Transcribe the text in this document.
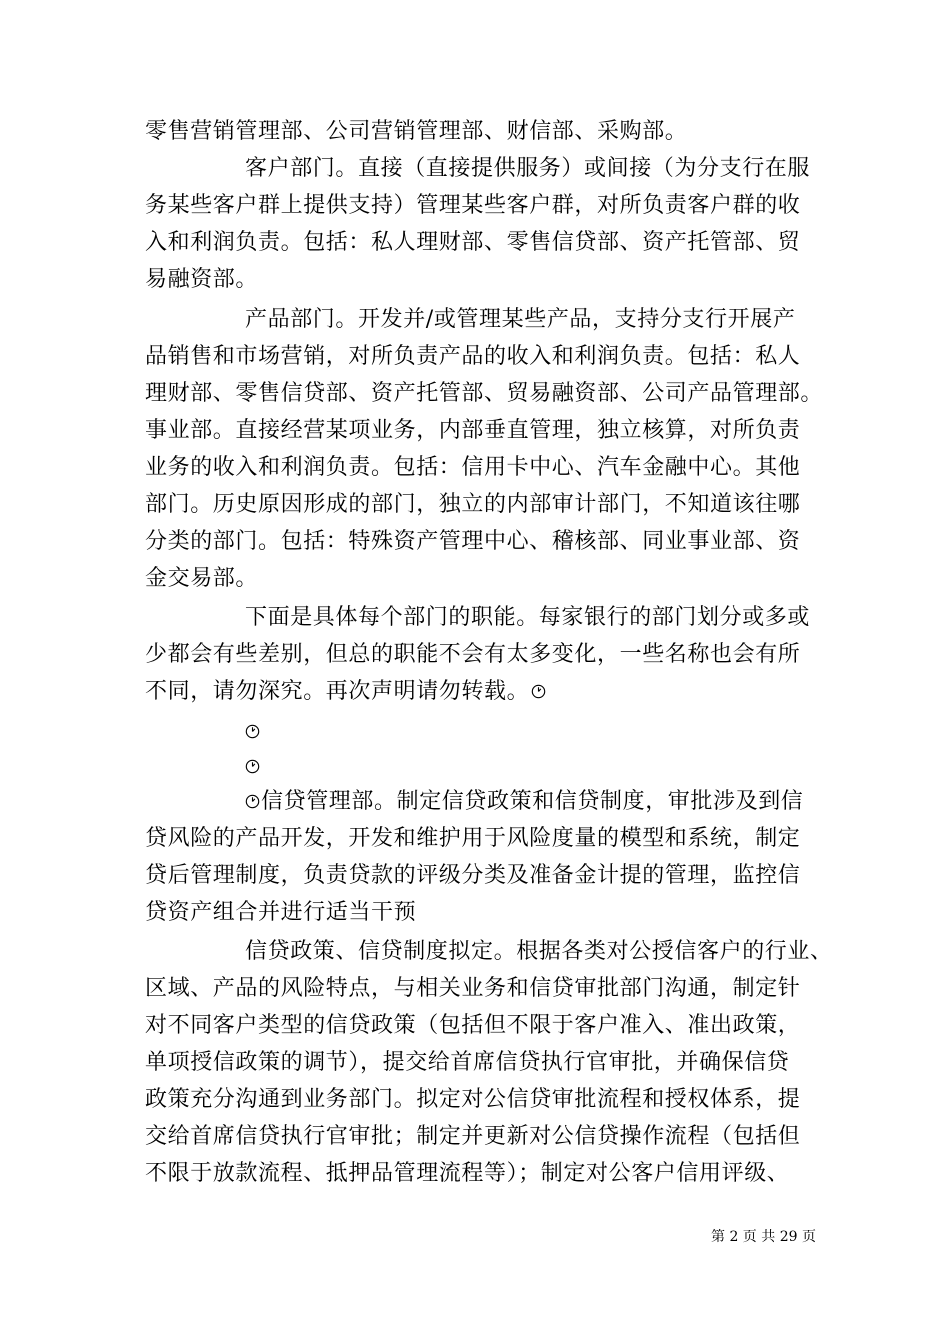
零售营销管理部、公司营销管理部、财信部、采购部。
客户部门。直接（直接提供服务）或间接（为分支行在服
务某些客户群上提供支持）管理某些客户群，对所负责客户群的收
入和利润负责。包括：私人理财部、零售信贷部、资产托管部、贸
易融资部。
产品部门。开发并/或管理某些产品，支持分支行开展产
品销售和市场营销，对所负责产品的收入和利润负责。包括：私人
理财部、零售信贷部、资产托管部、贸易融资部、公司产品管理部。
事业部。直接经营某项业务，内部垂直管理，独立核算，对所负责
业务的收入和利润负责。包括：信用卡中心、汽车金融中心。其他
部门。历史原因形成的部门，独立的内部审计部门，不知道该往哪
分类的部门。包括：特殊资产管理中心、稽核部、同业事业部、资
金交易部。
下面是具体每个部门的职能。每家银行的部门划分或多或
少都会有些差别，但总的职能不会有太多变化，一些名称也会有所
不同，请勿深究。再次声明请勿转载。
信贷管理部。制定信贷政策和信贷制度，审批涉及到信
贷风险的产品开发，开发和维护用于风险度量的模型和系统，制定
贷后管理制度，负责贷款的评级分类及准备金计提的管理，监控信
贷资产组合并进行适当干预
信贷政策、信贷制度拟定。根据各类对公授信客户的行业、
区域、产品的风险特点，与相关业务和信贷审批部门沟通，制定针
对不同客户类型的信贷政策（包括但不限于客户准入、准出政策，
单项授信政策的调节），提交给首席信贷执行官审批，并确保信贷
政策充分沟通到业务部门。拟定对公信贷审批流程和授权体系，提
交给首席信贷执行官审批；制定并更新对公信贷操作流程（包括但
不限于放款流程、抵押品管理流程等）；制定对公客户信用评级、
第 2 页 共 29 页
